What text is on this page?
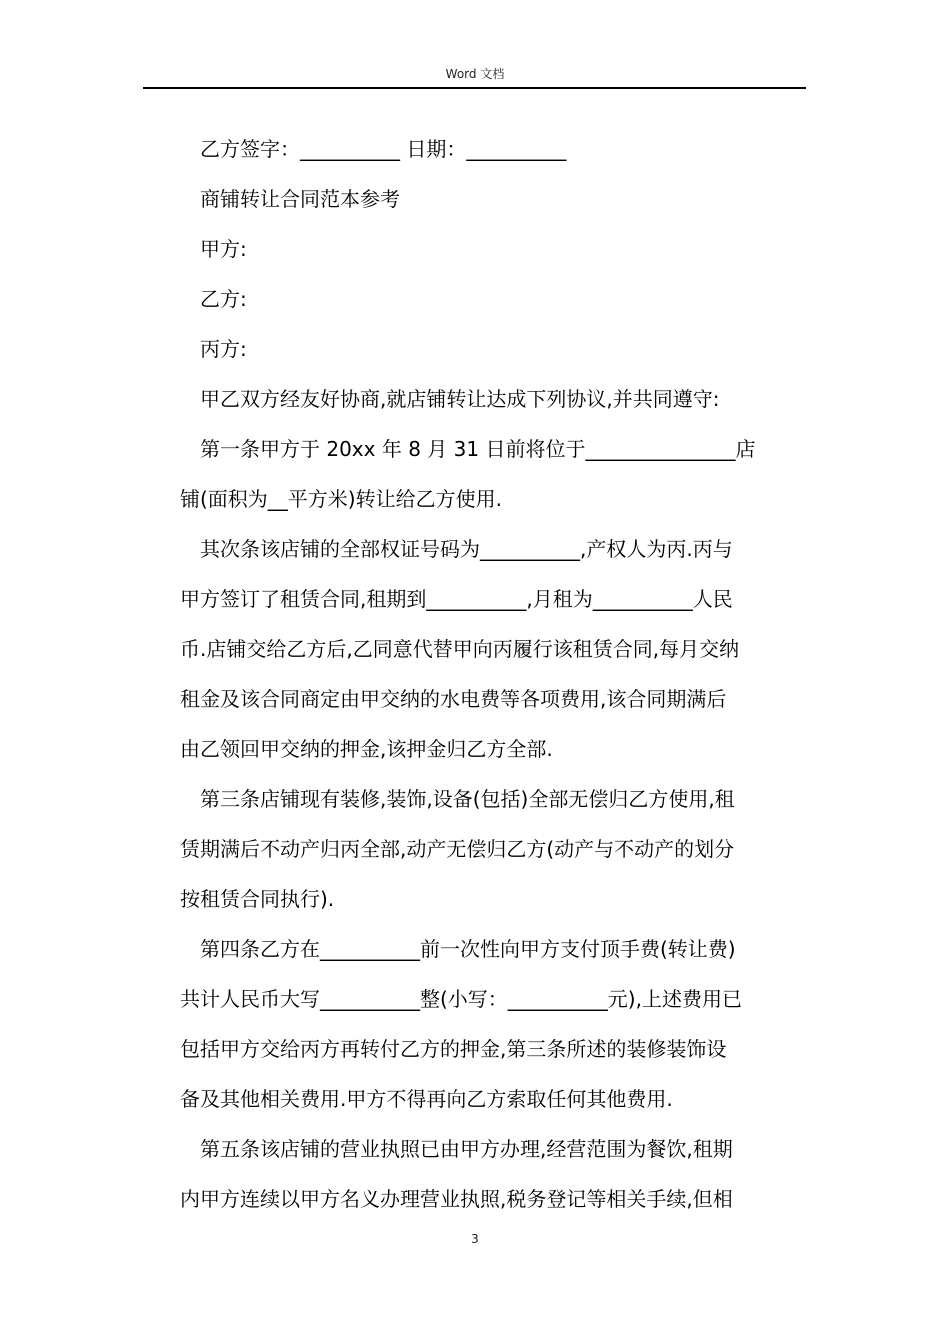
Word 文档
乙方签字：__________ 日期：__________
商铺转让合同范本参考
甲方:
乙方:
丙方:
甲乙双方经友好协商,就店铺转让达成下列协议,并共同遵守:
第一条甲方于 20xx 年 8 月 31 日前将位于_______________店
铺(面积为__平方米)转让给乙方使用.
其次条该店铺的全部权证号码为__________,产权人为丙.丙与
甲方签订了租赁合同,租期到__________,月租为__________人民
币.店铺交给乙方后,乙同意代替甲向丙履行该租赁合同,每月交纳
租金及该合同商定由甲交纳的水电费等各项费用,该合同期满后
由乙领回甲交纳的押金,该押金归乙方全部.
第三条店铺现有装修,装饰,设备(包括)全部无偿归乙方使用,租
赁期满后不动产归丙全部,动产无偿归乙方(动产与不动产的划分
按租赁合同执行).
第四条乙方在__________前一次性向甲方支付顶手费(转让费)
共计人民币大写__________整(小写：__________元),上述费用已
包括甲方交给丙方再转付乙方的押金,第三条所述的装修装饰设
备及其他相关费用.甲方不得再向乙方索取任何其他费用.
第五条该店铺的营业执照已由甲方办理,经营范围为餐饮,租期
内甲方连续以甲方名义办理营业执照,税务登记等相关手续,但相
3
